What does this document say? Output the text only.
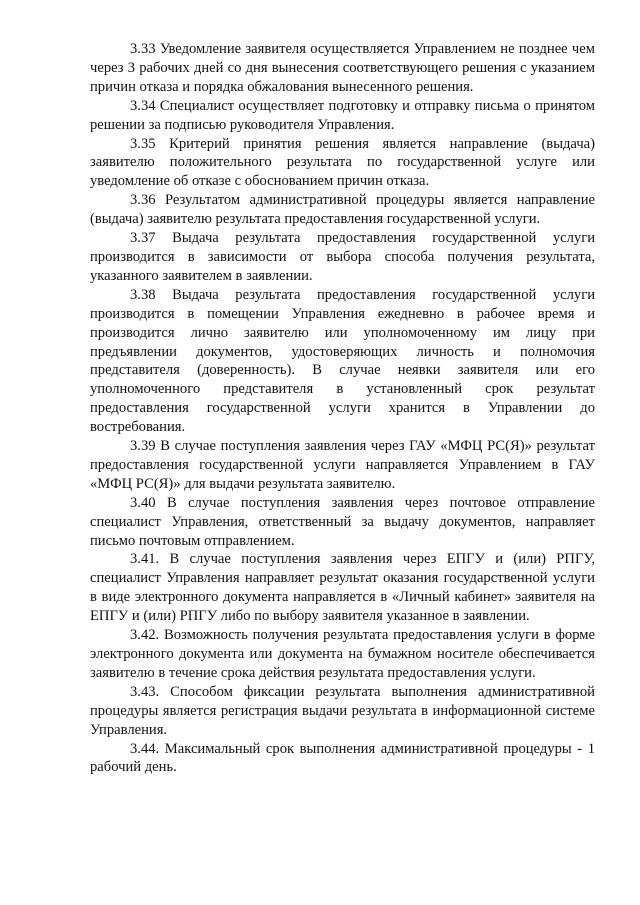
3.33 Уведомление заявителя осуществляется Управлением не позднее чем через 3 рабочих дней со дня вынесения соответствующего решения с указанием причин отказа и порядка обжалования вынесенного решения.

3.34 Специалист осуществляет подготовку и отправку письма о принятом решении за подписью руководителя Управления.

3.35 Критерий принятия решения является направление (выдача) заявителю положительного результата по государственной услуге или уведомление об отказе с обоснованием причин отказа.

3.36 Результатом административной процедуры является направление (выдача) заявителю результата предоставления государственной услуги.

3.37 Выдача результата предоставления государственной услуги производится в зависимости от выбора способа получения результата, указанного заявителем в заявлении.

3.38 Выдача результата предоставления государственной услуги производится в помещении Управления ежедневно в рабочее время и производится лично заявителю или уполномоченному им лицу при предъявлении документов, удостоверяющих личность и полномочия представителя (доверенность). В случае неявки заявителя или его уполномоченного представителя в установленный срок результат предоставления государственной услуги хранится в Управлении до востребования.

3.39 В случае поступления заявления через ГАУ «МФЦ РС(Я)» результат предоставления государственной услуги направляется Управлением в ГАУ «МФЦ РС(Я)» для выдачи результата заявителю.

3.40 В случае поступления заявления через почтовое отправление специалист Управления, ответственный за выдачу документов, направляет письмо почтовым отправлением.

3.41. В случае поступления заявления через ЕПГУ и (или) РПГУ, специалист Управления направляет результат оказания государственной услуги в виде электронного документа направляется в «Личный кабинет» заявителя на ЕПГУ и (или) РПГУ либо по выбору заявителя указанное в заявлении.

3.42. Возможность получения результата предоставления услуги в форме электронного документа или документа на бумажном носителе обеспечивается заявителю в течение срока действия результата предоставления услуги.

3.43. Способом фиксации результата выполнения административной процедуры является регистрация выдачи результата в информационной системе Управления.

3.44. Максимальный срок выполнения административной процедуры - 1 рабочий день.
